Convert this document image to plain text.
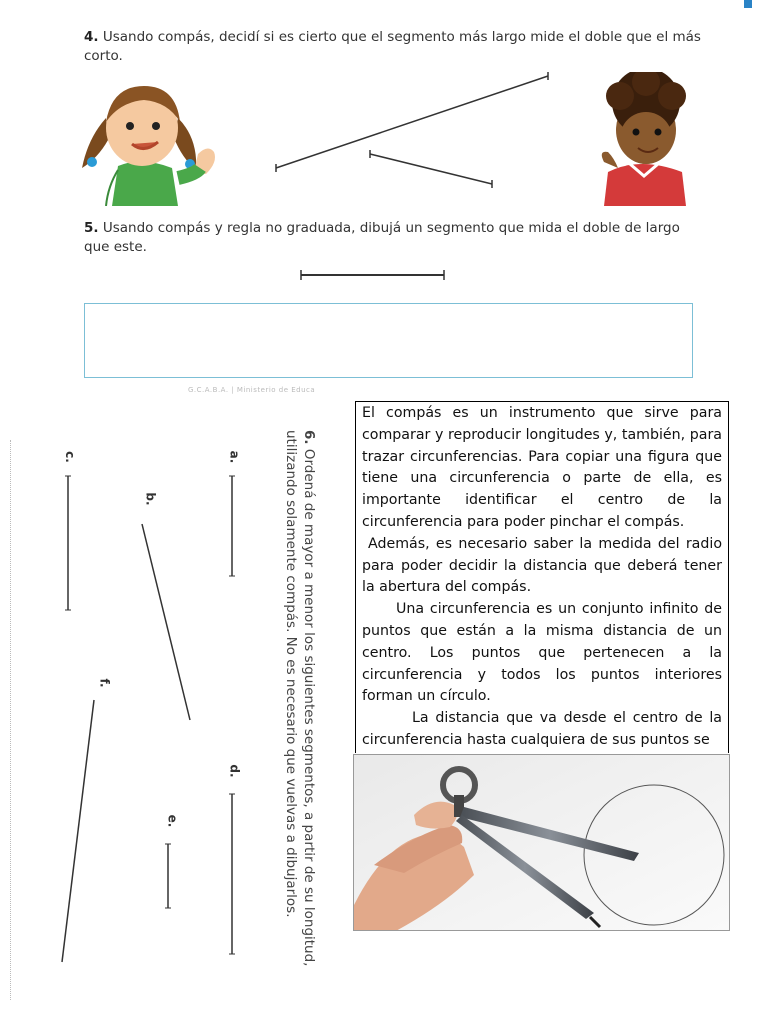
4. Usando compás, decidí si es cierto que el segmento más largo mide el doble que el más corto.
5. Usando compás y regla no graduada, dibujá un segmento que mida el doble de largo que este.
G.C.A.B.A. | Ministerio de Educa
6. Ordená de mayor a menor los siguientes segmentos, a partir de su longitud, utilizando solamente compás. No es necesario que vuelvas a dibujarlos.
c.	a.
b.
f.
d.
e.

El compás es un instrumento que sirve para comparar y reproducir longitudes y, también, para trazar circunferencias. Para copiar una figura que tiene una circunferencia o parte de ella, es importante identificar el centro de la circunferencia para poder pinchar el compás.

Además, es necesario saber la medida del radio para poder decidir la distancia que deberá tener la abertura del compás.

Una circunferencia es un conjunto infinito de puntos que están a la misma distancia de un centro. Los puntos que pertenecen a la circunferencia y todos los puntos interiores forman un círculo.

La distancia que va desde el centro de la circunferencia hasta cualquiera de sus puntos se
